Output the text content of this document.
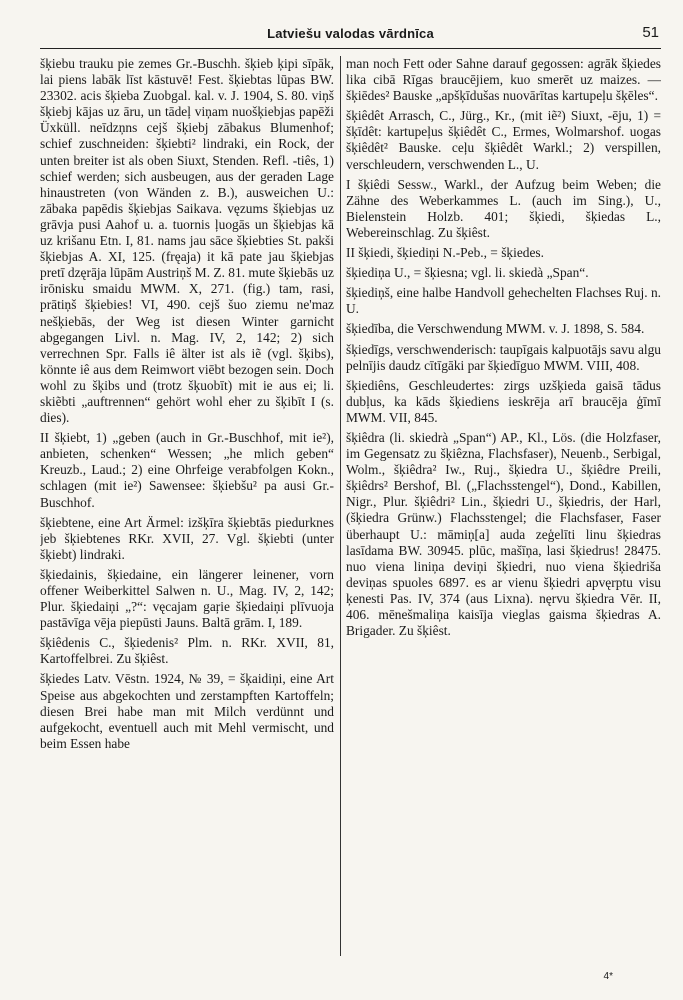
Latviešu valodas vārdnīca	51

šķiebu trauku pie zemes Gr.-Buschh. šķieb ķipi sīpāk, lai piens labāk līst kāstuvē! Fest. šķiebtas lūpas BW. 23302. acis šķieba Zuobgal. kal. v. J. 1904, S. 80. viņš šķiebj kājas uz āru, un tādeļ viņam nuošķiebjas papēži Üxküll. neīdzņns cejš šķiebj zābakus Blumenhof; schief zuschneiden: šķiebti² lindraki, ein Rock, der unten breiter ist als oben Siuxt, Stenden. Refl. -tiês, 1) schief werden; sich ausbeugen, aus der geraden Lage hinaustreten (von Wänden z. B.), ausweichen U.: zābaka papēdis šķiebjas Saikava. vęzums šķiebjas uz grāvja pusi Aahof u. a. tuornis ļuogās un šķiebjas kā uz krišanu Etn. I, 81. nams jau sāce šķiebties St. pakši šķiebjas A. XI, 125. (fręaja) it kā pate jau šķiebjas pretī dzęrāja lūpām Austriņš M. Z. 81. mute šķiebās uz irōnisku smaidu MWM. X, 271. (fig.) tam, rasi, prātiņš šķiebies! VI, 490. cejš šuo ziemu ne'maz nešķiebās, der Weg ist diesen Winter garnicht abgegangen Livl. n. Mag. IV, 2, 142; 2) sich verrechnen Spr. Falls iê älter ist als iẽ (vgl. šķibs), könnte iê aus dem Reimwort viēbt bezogen sein. Doch wohl zu šķibs und (trotz šķuobīt) mit ie aus ei; li. skiẽbti „auftrennen“ gehört wohl eher zu šķibīt I (s. dies).

II šķiebt, 1) „geben (auch in Gr.-Buschhof, mit ie²), anbieten, schenken“ Wessen; „he mlich geben“ Kreuzb., Laud.; 2) eine Ohrfeige verabfolgen Kokn., schlagen (mit ie²) Sawensee: šķiebšu² pa ausi Gr.-Buschhof.

šķiebtene, eine Art Ärmel: izšķīra šķiebtās piedurknes jeb šķiebtenes RKr. XVII, 27. Vgl. šķiebti (unter šķiebt) lindraki.

šķiedainis, šķiedaine, ein längerer leinener, vorn offener Weiberkittel Salwen n. U., Mag. IV, 2, 142; Plur. šķiedaiņi „?“: vęcajam gaŗie šķiedaiņi plīvuoja pastāvīga vēja piepūsti Jauns. Baltā grām. I, 189.

šķiêdenis C., šķiedenis² Plm. n. RKr. XVII, 81, Kartoffelbrei. Zu šķiêst.

šķiedes Latv. Vēstn. 1924, № 39, = šķaidiņi, eine Art Speise aus abgekochten und zerstampften Kartoffeln; diesen Brei habe man mit Milch verdünnt und aufgekocht, eventuell auch mit Mehl vermischt, und beim Essen habe

man noch Fett oder Sahne darauf gegossen: agrāk šķiedes lika cibā Rīgas braucējiem, kuo smerēt uz maizes. — šķiēdes² Bauske „apšķīdušas nuovārītas kartupeļu šķēles“.

šķiêdêt Arrasch, C., Jürg., Kr., (mit iẽ²) Siuxt, -ēju, 1) = šķīdêt: kartupeļus šķiêdêt C., Ermes, Wolmarshof. uogas šķiêdêt² Bauske. ceļu šķiêdêt Warkl.; 2) verspillen, verschleudern, verschwenden L., U.

I šķiêdi Sessw., Warkl., der Aufzug beim Weben; die Zähne des Weberkammes L. (auch im Sing.), U., Bielenstein Holzb. 401; šķiedi, šķiedas L., Webereinschlag. Zu šķiêst.

II šķiedi, šķiediņi N.-Peb., = šķiedes.

šķiediņa U., = šķiesna; vgl. li. skiedà „Span“.

šķiediņš, eine halbe Handvoll gehechelten Flachses Ruj. n. U.

šķiedība, die Verschwendung MWM. v. J. 1898, S. 584.

šķiedīgs, verschwenderisch: taupīgais kalpuotājs savu algu pelnījis daudz cītīgāki par šķiedīguo MWM. VIII, 408.

šķiediêns, Geschleudertes: zirgs uzšķieda gaisā tādus dubļus, ka kāds šķiediens ieskrēja arī braucēja ģīmī MWM. VII, 845.

šķiêdra (li. skiedrà „Span“) AP., Kl., Lös. (die Holzfaser, im Gegensatz zu šķiêzna, Flachsfaser), Neuenb., Serbigal, Wolm., šķiêdra² Iw., Ruj., šķiedra U., šķiêdre Preili, šķiêdrs² Bershof, Bl. („Flachsstengel“), Dond., Kabillen, Nigr., Plur. šķiêdri² Lin., šķiedri U., šķiedris, der Harl, (šķiedra Grünw.) Flachsstengel; die Flachsfaser, Faser überhaupt U.: māmiņ[a] auda zeģelīti linu šķiedras lasīdama BW. 30945. plūc, mašīņa, lasi šķiedrus! 28475. nuo viena liniņa deviņi šķiedri, nuo viena šķiedriša deviņas spuoles 6897. es ar vienu šķiedri apvęrptu visu ķenesti Pas. IV, 374 (aus Lixna). nęrvu šķiedra Vēr. II, 406. mēnešmaliņa kaisīja vieglas gaisma šķiedras A. Brigader. Zu šķiêst.

4*
